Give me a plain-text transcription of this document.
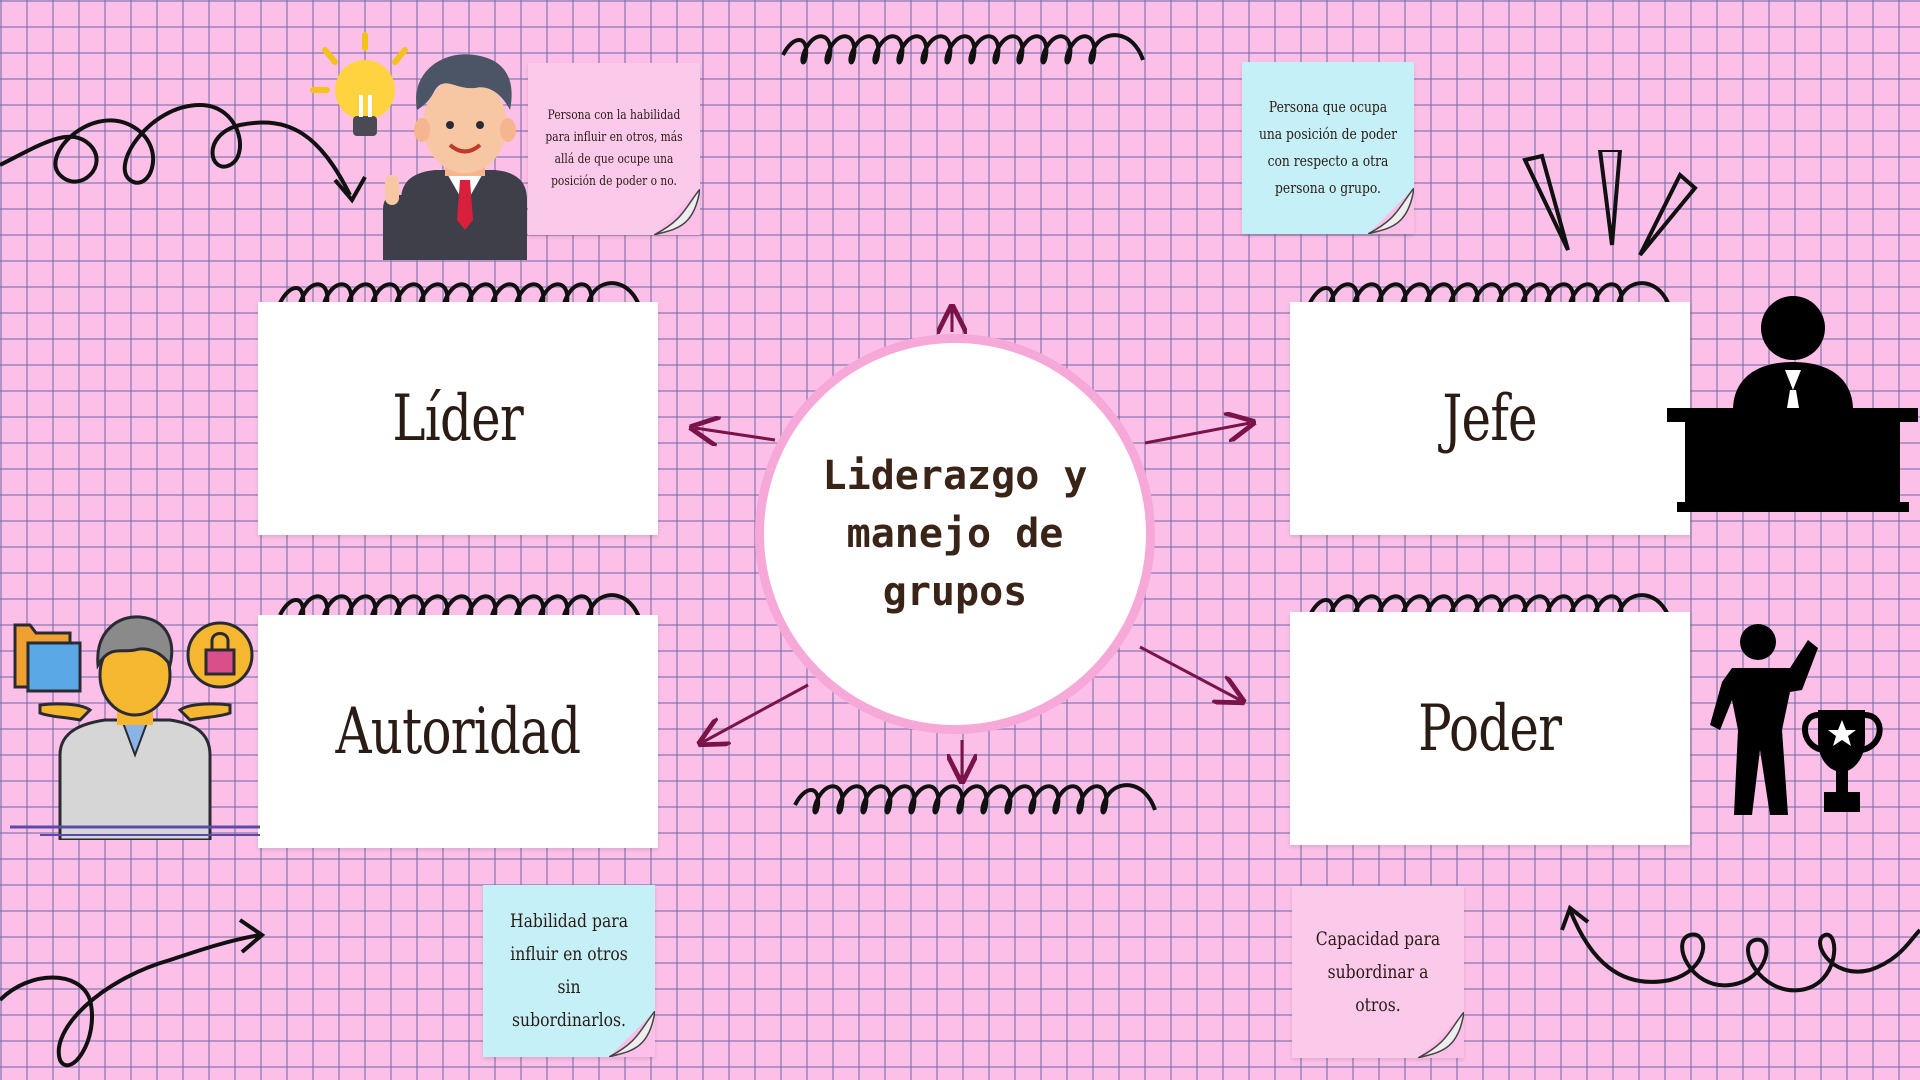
Líder
Autoridad
Jefe
Poder
Liderazgo y manejo de grupos
Persona con la habilidad para influir en otros, más allá de que ocupe una posición de poder o no.
Persona que ocupa una posición de poder con respecto a otra persona o grupo.
Habilidad para influir en otros sin subordinarlos.
Capacidad para subordinar a otros.
